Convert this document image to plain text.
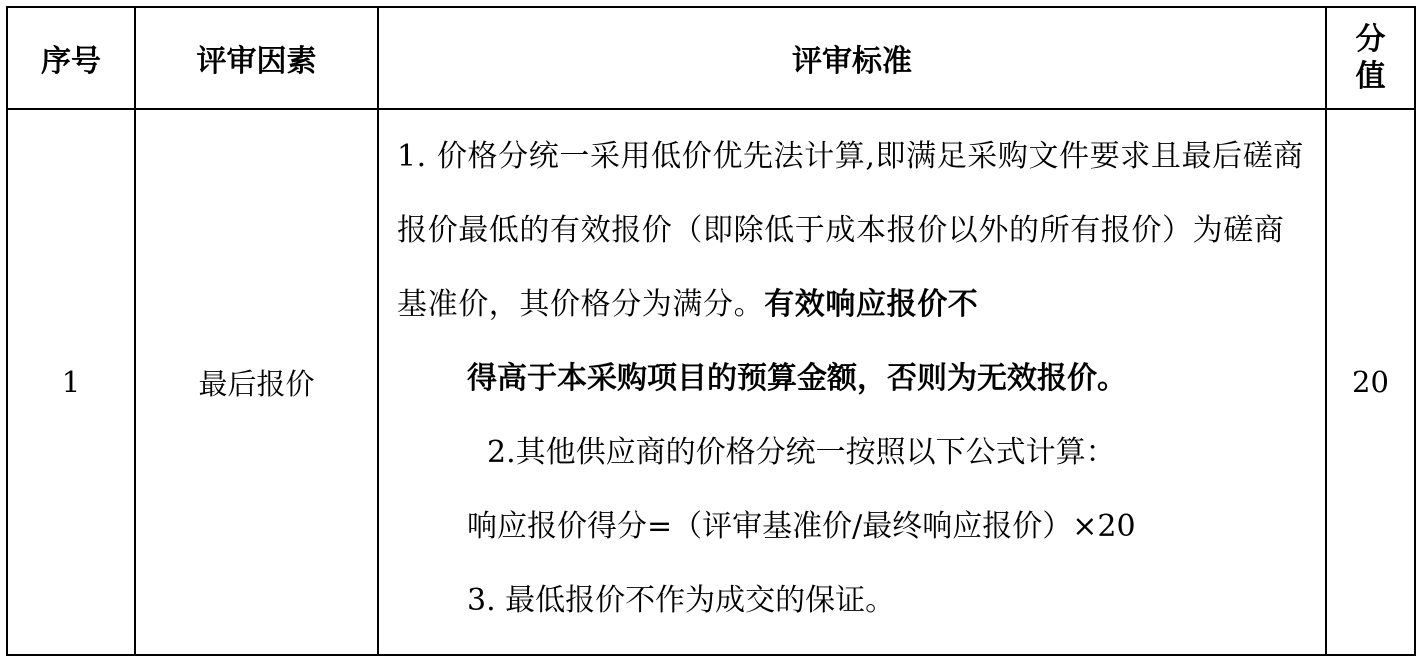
序号	评审因素	评审标准	分
值

1	最后报价	1. 价格分统一采用低价优先法计算,即满足采购文件要求且最后磋商报价最低的有效报价（即除低于成本报价以外的所有报价）为磋商基准价，其价格分为满分。有效响应报价不

得高于本采购项目的预算金额，否则为无效报价。

2.其他供应商的价格分统一按照以下公式计算：

响应报价得分=（评审基准价/最终响应报价）×20

3. 最低报价不作为成交的保证。	20
